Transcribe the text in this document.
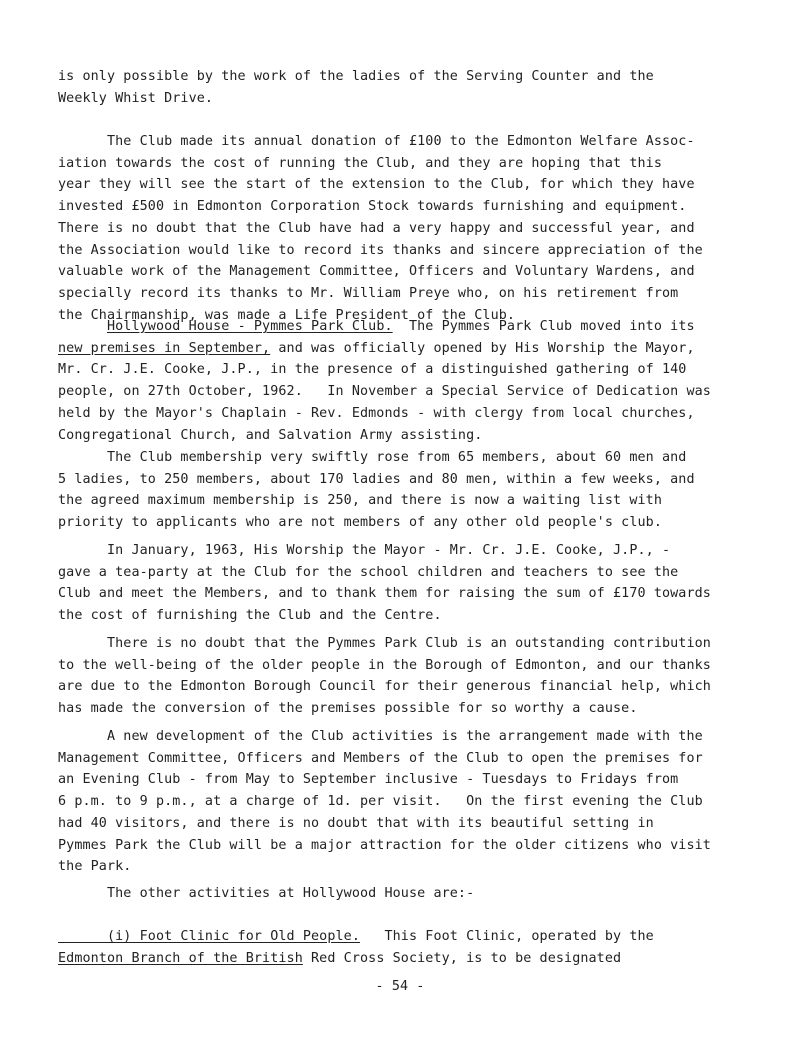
is only possible by the work of the ladies of the Serving Counter and the
Weekly Whist Drive.

The Club made its annual donation of £100 to the Edmonton Welfare Assoc-
iation towards the cost of running the Club, and they are hoping that this
year they will see the start of the extension to the Club, for which they have
invested £500 in Edmonton Corporation Stock towards furnishing and equipment.
There is no doubt that the Club have had a very happy and successful year, and
the Association would like to record its thanks and sincere appreciation of the
valuable work of the Management Committee, Officers and Voluntary Wardens, and
specially record its thanks to Mr. William Preye who, on his retirement from
the Chairmanship, was made a Life President of the Club.

Hollywood House - Pymmes Park Club.  The Pymmes Park Club moved into its
new premises in September, and was officially opened by His Worship the Mayor,
Mr. Cr. J.E. Cooke, J.P., in the presence of a distinguished gathering of 140
people, on 27th October, 1962.   In November a Special Service of Dedication was
held by the Mayor's Chaplain - Rev. Edmonds - with clergy from local churches,
Congregational Church, and Salvation Army assisting.

The Club membership very swiftly rose from 65 members, about 60 men and
5 ladies, to 250 members, about 170 ladies and 80 men, within a few weeks, and
the agreed maximum membership is 250, and there is now a waiting list with
priority to applicants who are not members of any other old people's club.

In January, 1963, His Worship the Mayor - Mr. Cr. J.E. Cooke, J.P., -
gave a tea-party at the Club for the school children and teachers to see the
Club and meet the Members, and to thank them for raising the sum of £170 towards
the cost of furnishing the Club and the Centre.

There is no doubt that the Pymmes Park Club is an outstanding contribution
to the well-being of the older people in the Borough of Edmonton, and our thanks
are due to the Edmonton Borough Council for their generous financial help, which
has made the conversion of the premises possible for so worthy a cause.

A new development of the Club activities is the arrangement made with the
Management Committee, Officers and Members of the Club to open the premises for
an Evening Club - from May to September inclusive - Tuesdays to Fridays from
6 p.m. to 9 p.m., at a charge of 1d. per visit.   On the first evening the Club
had 40 visitors, and there is no doubt that with its beautiful setting in
Pymmes Park the Club will be a major attraction for the older citizens who visit
the Park.

The other activities at Hollywood House are:-

(i) Foot Clinic for Old People.   This Foot Clinic, operated by the
Edmonton Branch of the British Red Cross Society, is to be designated

- 54 -
